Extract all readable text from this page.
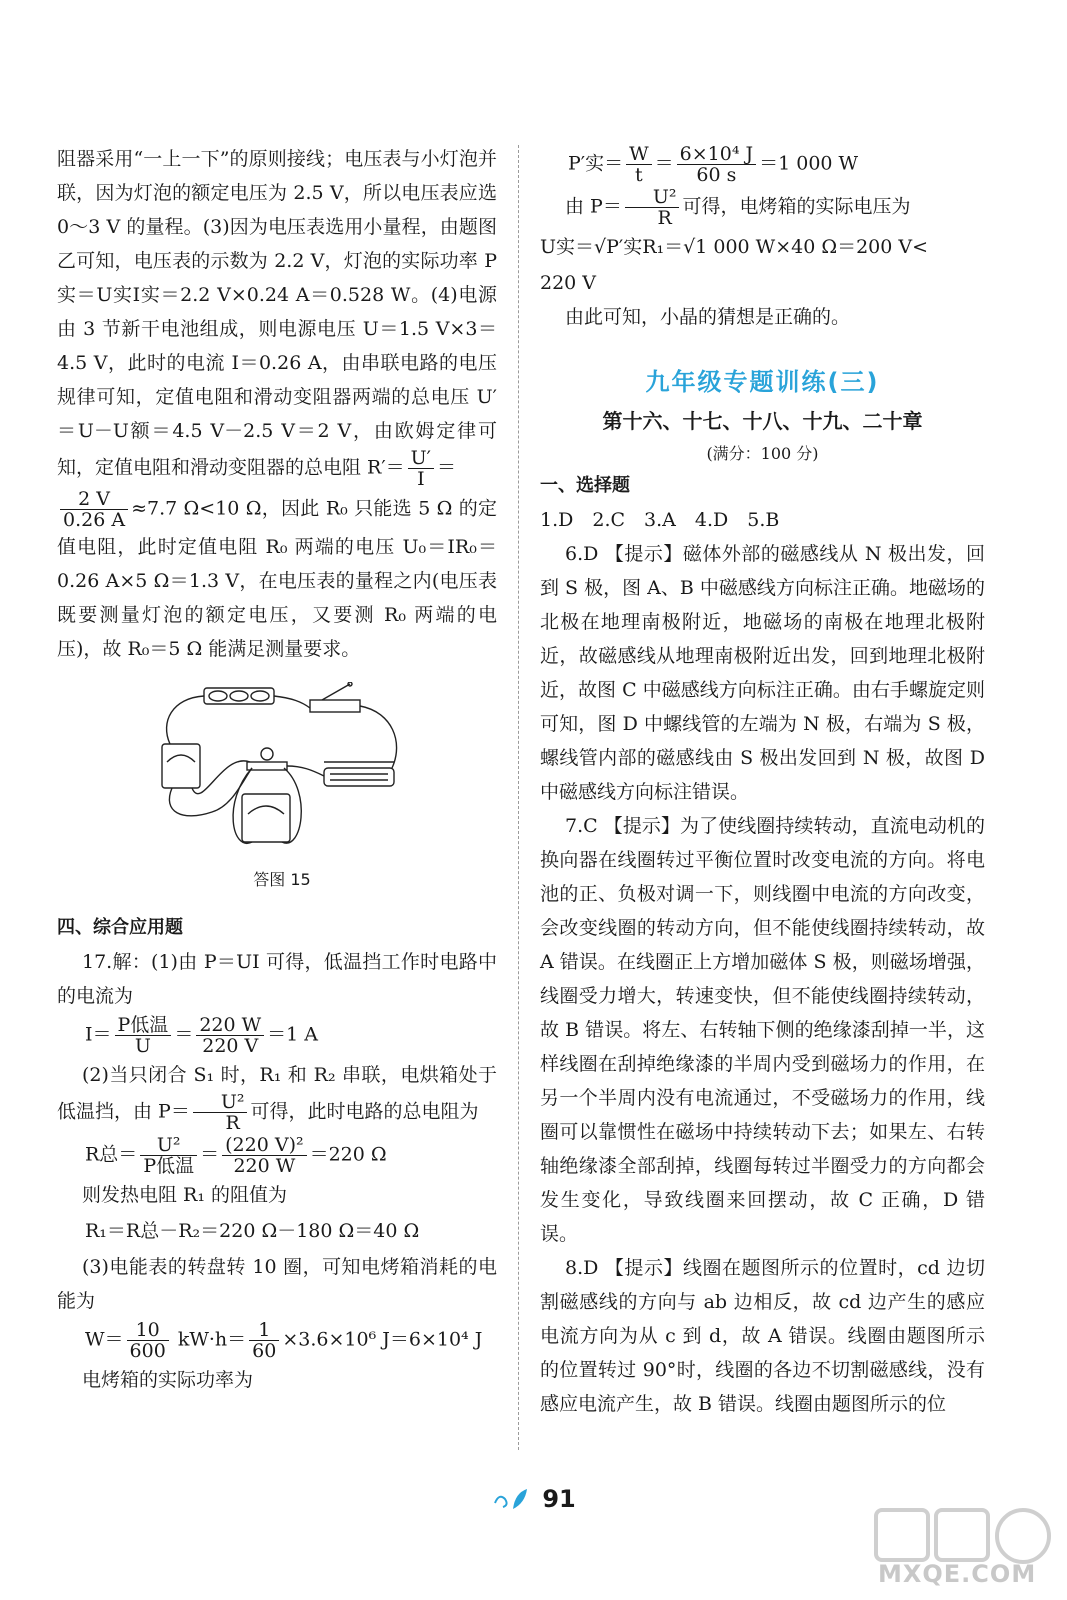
阻器采用“一上一下”的原则接线；电压表与小灯泡并联，因为灯泡的额定电压为 2.5 V，所以电压表应选 0～3 V 的量程。(3)因为电压表选用小量程，由题图乙可知，电压表的示数为 2.2 V，灯泡的实际功率 P实＝U实I实＝2.2 V×0.24 A＝0.528 W。(4)电源由 3 节新干电池组成，则电源电压 U＝1.5 V×3＝4.5 V，此时的电流 I＝0.26 A，由串联电路的电压规律可知，定值电阻和滑动变阻器两端的总电压 U′＝U－U额＝4.5 V－2.5 V＝2 V，由欧姆定律可知，定值电阻和滑动变阻器的总电阻 $R'= \frac{U'}{I}$ ＝

$\frac{2 V}{0.26 A} \approx 7.7$ Ω<10 Ω，因此 R₀ 只能选 5 Ω 的定值电阻，此时定值电阻 R₀ 两端的电压 U₀＝IR₀＝0.26 A×5 Ω＝1.3 V，在电压表的量程之内(电压表既要测量灯泡的额定电压，又要测 R₀ 两端的电压)，故 R₀＝5 Ω 能满足测量要求。

答图 15
四、综合应用题

17.解：(1)由 P＝UI 可得，低温挡工作时电路中的电流为

$I= \frac{\text{P低温}}{U} = \frac{220 W}{220 V} =1$ A

(2)当只闭合 S₁ 时，R₁ 和 R₂ 串联，电烘箱处于低温挡，由 $P= \frac{\text{U²}}{R}$ 可得，此时电路的总电阻为

R总＝ $\frac{\text{U²}}{\text{P低温}} = \frac{\text{(220 V)²}}{220 W} =220$ Ω

则发热电阻 R₁ 的阻值为

R₁＝R总－R₂＝220 Ω－180 Ω＝40 Ω

(3)电能表的转盘转 10 圈，可知电烤箱消耗的电能为

$W= \frac{10}{600} kW\cdot h= \frac{1}{60} \times 3.6\times 10^6$ J＝6×10⁴ J

电烤箱的实际功率为

P′实＝ $\frac{W}{t} = \frac{\text{6×10⁴ J}}{60 s} =1$ 000 W

由 $P= \frac{\text{U²}}{R}$ 可得，电烤箱的实际电压为

U实＝√P′实R₁＝√1 000 W×40 Ω＝200 V<

220 V

由此可知，小晶的猜想是正确的。

九年级专题训练(三)
第十六、十七、十八、十九、二十章
(满分：100 分)
一、选择题

1.D　2.C　3.A　4.D　5.B

6.D 【提示】磁体外部的磁感线从 N 极出发，回到 S 极，图 A、B 中磁感线方向标注正确。地磁场的北极在地理南极附近，地磁场的南极在地理北极附近，故磁感线从地理南极附近出发，回到地理北极附近，故图 C 中磁感线方向标注正确。由右手螺旋定则可知，图 D 中螺线管的左端为 N 极，右端为 S 极，螺线管内部的磁感线由 S 极出发回到 N 极，故图 D 中磁感线方向标注错误。

7.C 【提示】为了使线圈持续转动，直流电动机的换向器在线圈转过平衡位置时改变电流的方向。将电池的正、负极对调一下，则线圈中电流的方向改变，会改变线圈的转动方向，但不能使线圈持续转动，故 A 错误。在线圈正上方增加磁体 S 极，则磁场增强，线圈受力增大，转速变快，但不能使线圈持续转动，故 B 错误。将左、右转轴下侧的绝缘漆刮掉一半，这样线圈在刮掉绝缘漆的半周内受到磁场力的作用，在另一个半周内没有电流通过，不受磁场力的作用，线圈可以靠惯性在磁场中持续转动下去；如果左、右转轴绝缘漆全部刮掉，线圈每转过半圈受力的方向都会发生变化，导致线圈来回摆动，故 C 正确，D 错误。

8.D 【提示】线圈在题图所示的位置时，cd 边切割磁感线的方向与 ab 边相反，故 cd 边产生的感应电流方向为从 c 到 d，故 A 错误。线圈由题图所示的位置转过 90°时，线圈的各边不切割磁感线，没有感应电流产生，故 B 错误。线圈由题图所示的位

91
MXQE.COM
